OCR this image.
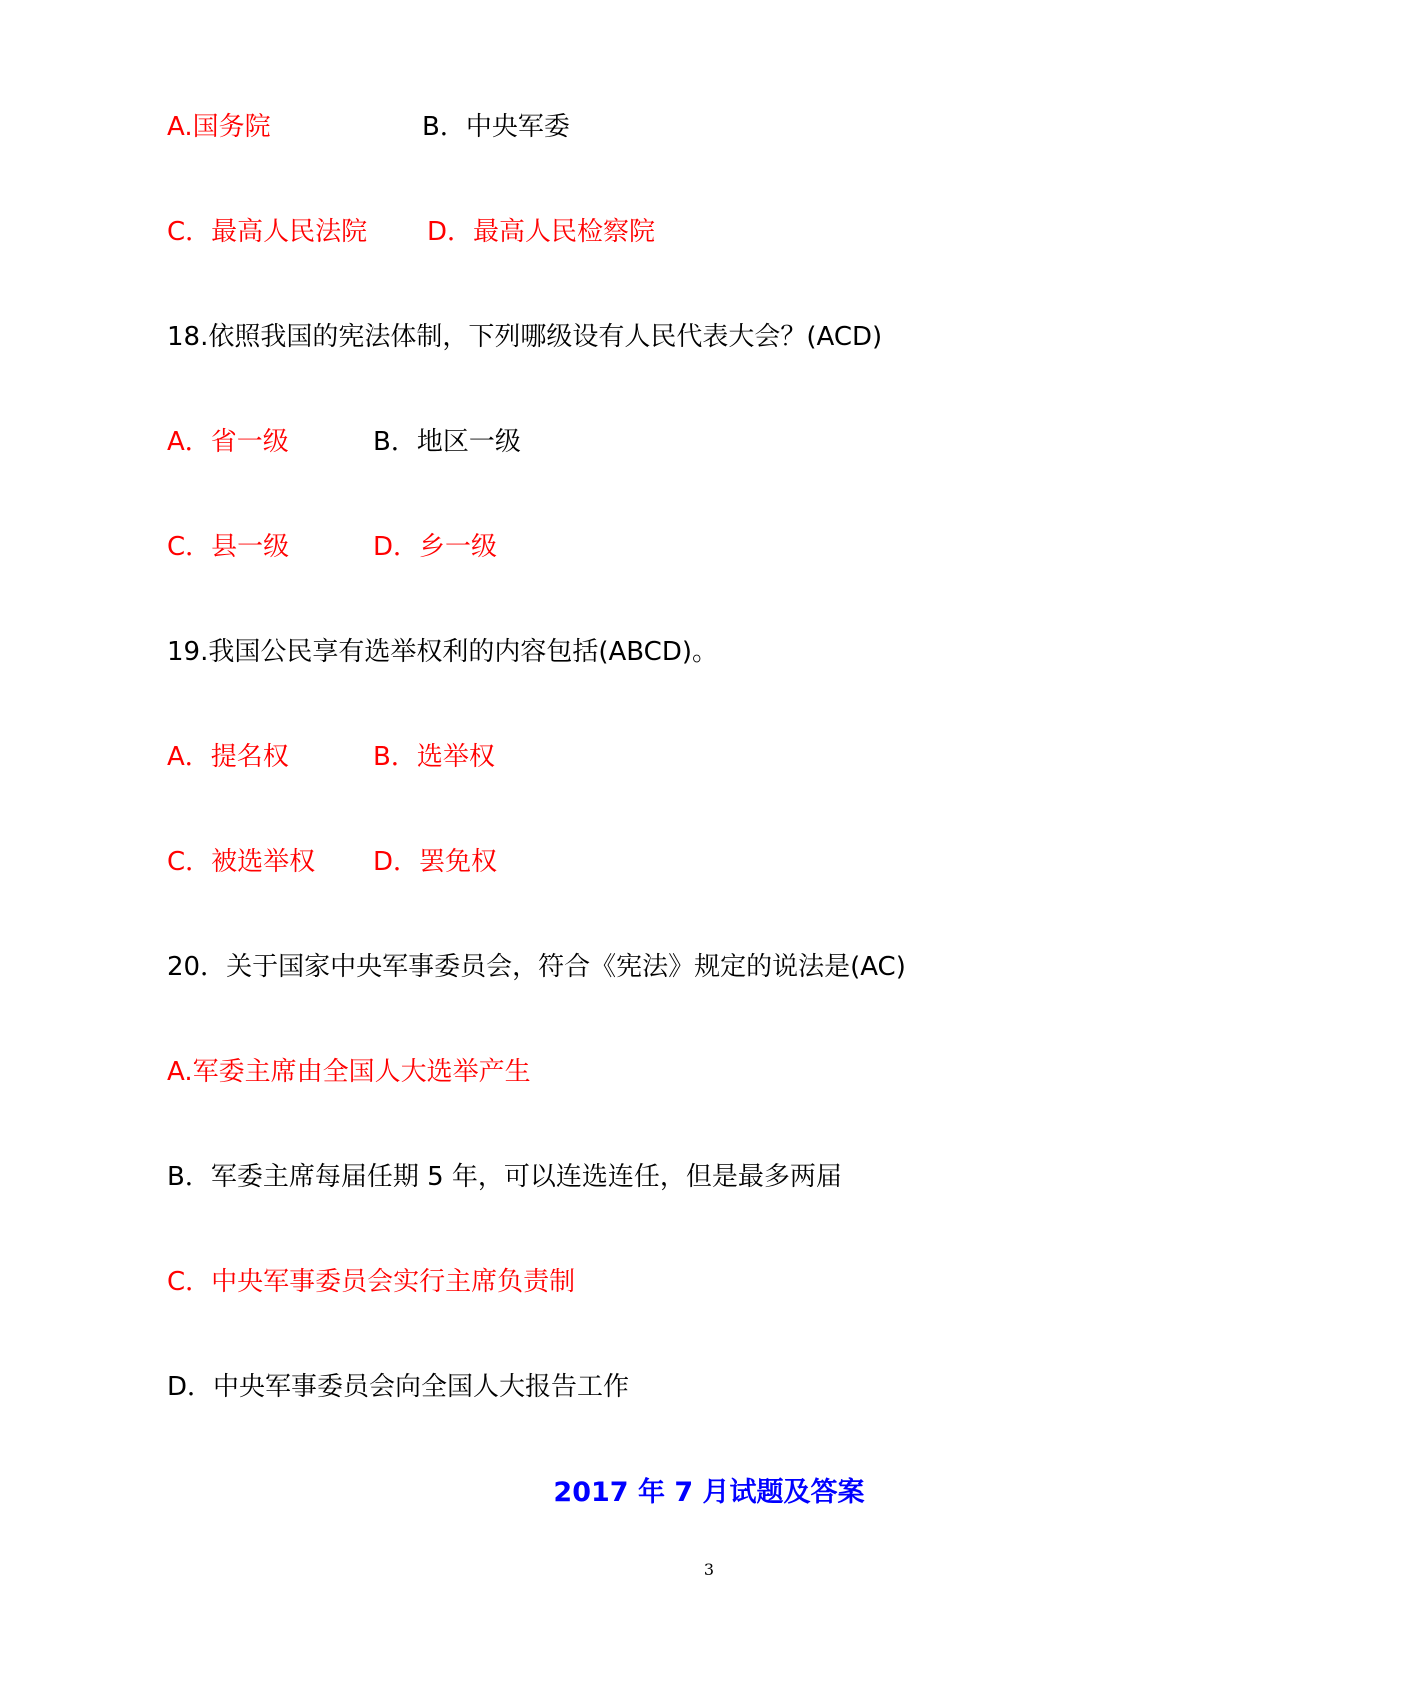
A.国务院	B．中央军委
C．最高人民法院 D．最高人民检察院
18.依照我国的宪法体制，下列哪级设有人民代表大会？(ACD)
A．省一级	B．地区一级
C．县一级	D．乡一级
19.我国公民享有选举权利的内容包括(ABCD)。
A．提名权	B．选举权
C．被选举权 D．罢免权
20．关于国家中央军事委员会，符合《宪法》规定的说法是(AC)
A.军委主席由全国人大选举产生
B．军委主席每届任期 5 年，可以连选连任，但是最多两届
C．中央军事委员会实行主席负责制
D．中央军事委员会向全国人大报告工作
2017 年 7 月试题及答案
3
